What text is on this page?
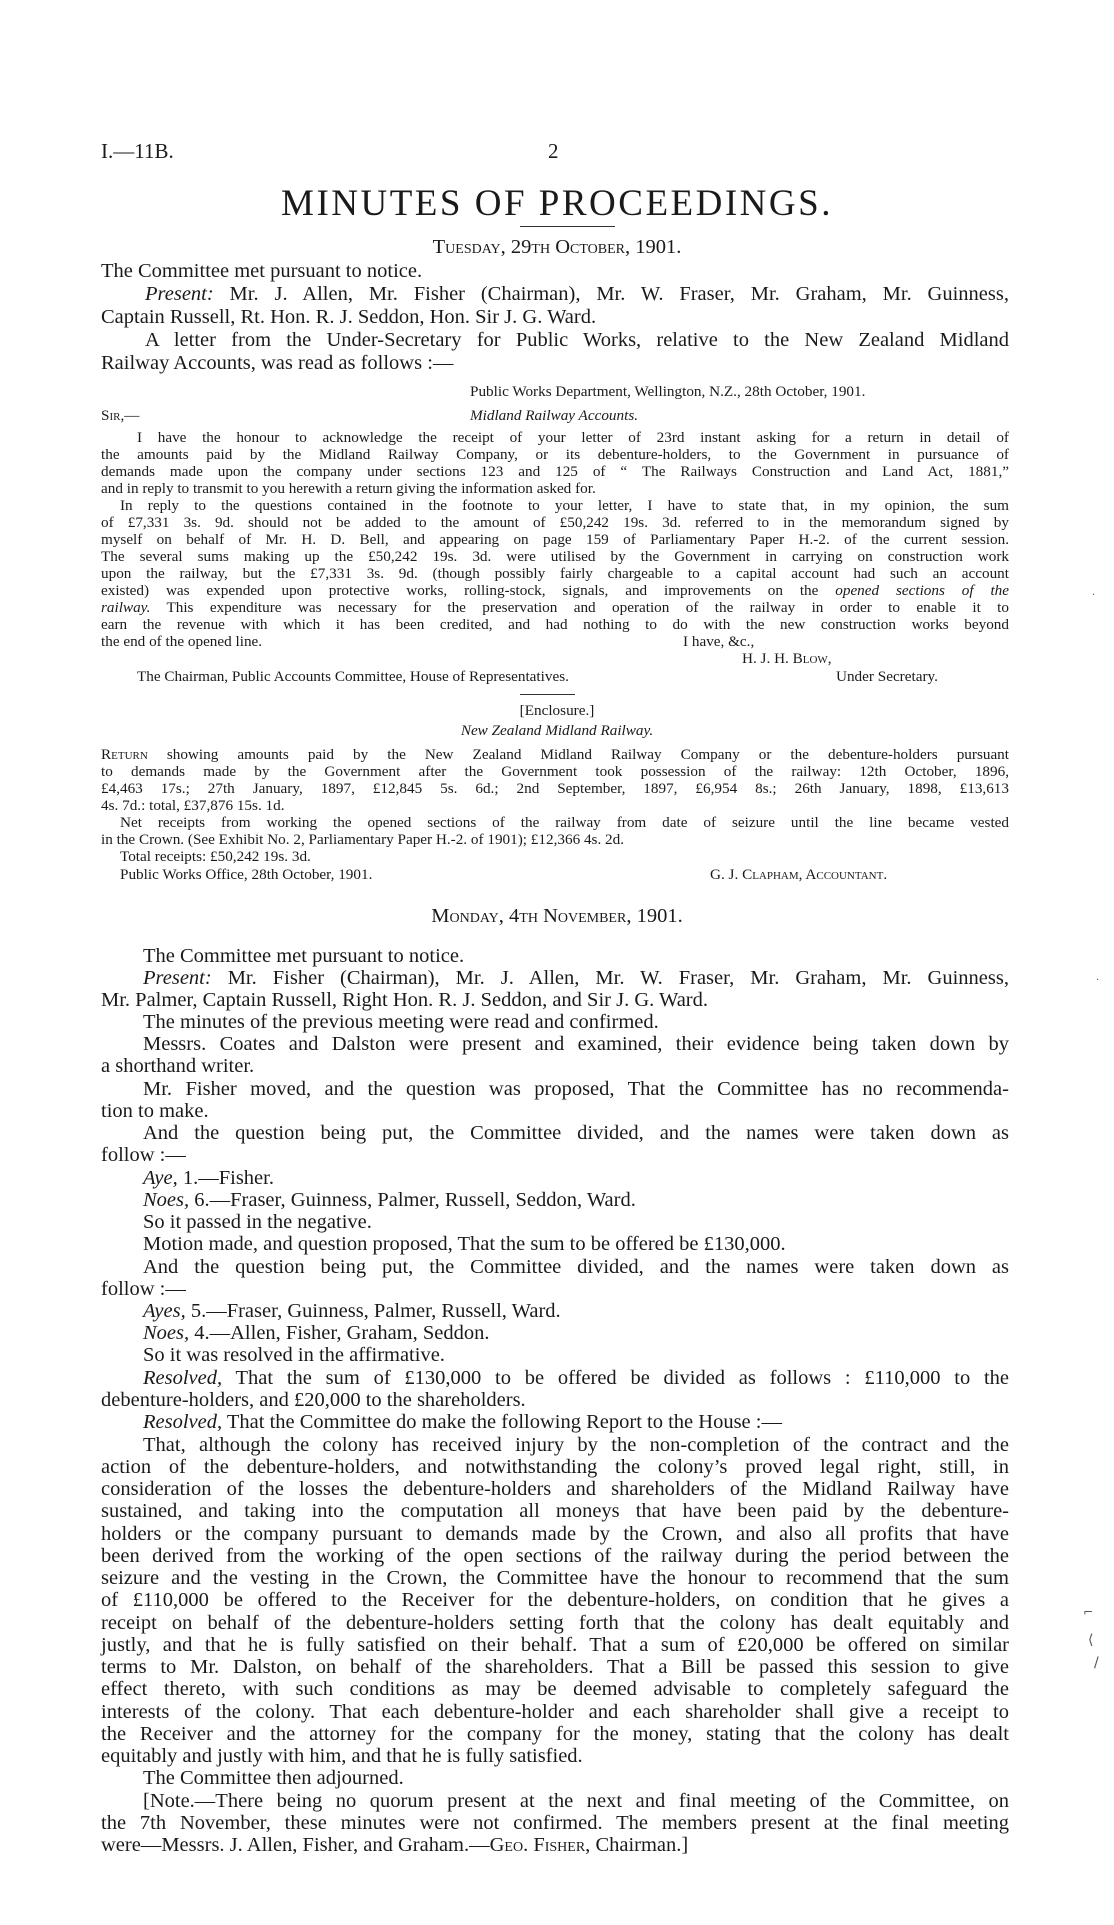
I.—11B.	2
MINUTES OF PROCEEDINGS.
Tuesday, 29th October, 1901.
The Committee met pursuant to notice.
Present: Mr. J. Allen, Mr. Fisher (Chairman), Mr. W. Fraser, Mr. Graham, Mr. Guinness,
Captain Russell, Rt. Hon. R. J. Seddon, Hon. Sir J. G. Ward.
A letter from the Under-Secretary for Public Works, relative to the New Zealand Midland
Railway Accounts, was read as follows :—
Public Works Department, Wellington, N.Z., 28th October, 1901.
Sir,—	Midland Railway Accounts.
I have the honour to acknowledge the receipt of your letter of 23rd instant asking for a return in detail of
the amounts paid by the Midland Railway Company, or its debenture-holders, to the Government in pursuance of
demands made upon the company under sections 123 and 125 of “ The Railways Construction and Land Act, 1881,”
and in reply to transmit to you herewith a return giving the information asked for.
In reply to the questions contained in the footnote to your letter, I have to state that, in my opinion, the sum
of £7,331 3s. 9d. should not be added to the amount of £50,242 19s. 3d. referred to in the memorandum signed by
myself on behalf of Mr. H. D. Bell, and appearing on page 159 of Parliamentary Paper H.-2. of the current session.
The several sums making up the £50,242 19s. 3d. were utilised by the Government in carrying on construction work
upon the railway, but the £7,331 3s. 9d. (though possibly fairly chargeable to a capital account had such an account
existed) was expended upon protective works, rolling-stock, signals, and improvements on the opened sections of the
railway. This expenditure was necessary for the preservation and operation of the railway in order to enable it to
earn the revenue with which it has been credited, and had nothing to do with the new construction works beyond
the end of the opened line.	I have, &c.,
H. J. H. Blow,
The Chairman, Public Accounts Committee, House of Representatives.	Under Secretary.
[Enclosure.]
New Zealand Midland Railway.
Return showing amounts paid by the New Zealand Midland Railway Company or the debenture-holders pursuant
to demands made by the Government after the Government took possession of the railway: 12th October, 1896,
£4,463 17s.; 27th January, 1897, £12,845 5s. 6d.; 2nd September, 1897, £6,954 8s.; 26th January, 1898, £13,613
4s. 7d.: total, £37,876 15s. 1d.
Net receipts from working the opened sections of the railway from date of seizure until the line became vested
in the Crown. (See Exhibit No. 2, Parliamentary Paper H.-2. of 1901); £12,366 4s. 2d.
Total receipts: £50,242 19s. 3d.
Public Works Office, 28th October, 1901.	G. J. Clapham, Accountant.
Monday, 4th November, 1901.
The Committee met pursuant to notice.
Present: Mr. Fisher (Chairman), Mr. J. Allen, Mr. W. Fraser, Mr. Graham, Mr. Guinness,
Mr. Palmer, Captain Russell, Right Hon. R. J. Seddon, and Sir J. G. Ward.
The minutes of the previous meeting were read and confirmed.
Messrs. Coates and Dalston were present and examined, their evidence being taken down by
a shorthand writer.
Mr. Fisher moved, and the question was proposed, That the Committee has no recommenda-
tion to make.
And the question being put, the Committee divided, and the names were taken down as
follow :—
Aye, 1.—Fisher.
Noes, 6.—Fraser, Guinness, Palmer, Russell, Seddon, Ward.
So it passed in the negative.
Motion made, and question proposed, That the sum to be offered be £130,000.
And the question being put, the Committee divided, and the names were taken down as
follow :—
Ayes, 5.—Fraser, Guinness, Palmer, Russell, Ward.
Noes, 4.—Allen, Fisher, Graham, Seddon.
So it was resolved in the affirmative.
Resolved, That the sum of £130,000 to be offered be divided as follows : £110,000 to the
debenture-holders, and £20,000 to the shareholders.
Resolved, That the Committee do make the following Report to the House :—
That, although the colony has received injury by the non-completion of the contract and the
action of the debenture-holders, and notwithstanding the colony’s proved legal right, still, in
consideration of the losses the debenture-holders and shareholders of the Midland Railway have
sustained, and taking into the computation all moneys that have been paid by the debenture-
holders or the company pursuant to demands made by the Crown, and also all profits that have
been derived from the working of the open sections of the railway during the period between the
seizure and the vesting in the Crown, the Committee have the honour to recommend that the sum
of £110,000 be offered to the Receiver for the debenture-holders, on condition that he gives a
receipt on behalf of the debenture-holders setting forth that the colony has dealt equitably and
justly, and that he is fully satisfied on their behalf. That a sum of £20,000 be offered on similar
terms to Mr. Dalston, on behalf of the shareholders. That a Bill be passed this session to give
effect thereto, with such conditions as may be deemed advisable to completely safeguard the
interests of the colony. That each debenture-holder and each shareholder shall give a receipt to
the Receiver and the attorney for the company for the money, stating that the colony has dealt
equitably and justly with him, and that he is fully satisfied.
The Committee then adjourned.
[Note.—There being no quorum present at the next and final meeting of the Committee, on
the 7th November, these minutes were not confirmed. The members present at the final meeting
were—Messrs. J. Allen, Fisher, and Graham.—Geo. Fisher, Chairman.]
·
·
⌐
⟨
/
